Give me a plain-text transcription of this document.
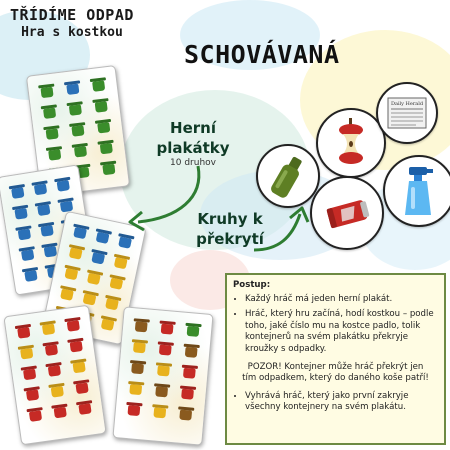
TŘÍDÍME ODPAD
Hra s kostkou
SCHOVÁVANÁ
Herní plakátky
10 druhov
Kruhy k překrytí
Daily Herald
Postup:
• Každý hráč má jeden herní plakát.
• Hráč, který hru začíná, hodí kostkou – podle toho, jaké číslo mu na kostce padlo, tolik kontejnerů na svém plakátku překryje kroužky s odpadky.
POZOR! Kontejner může hráč překrýt jen tím odpadkem, který do daného koše patří!
• Vyhrává hráč, který jako první zakryje všechny kontejnery na svém plakátu.
